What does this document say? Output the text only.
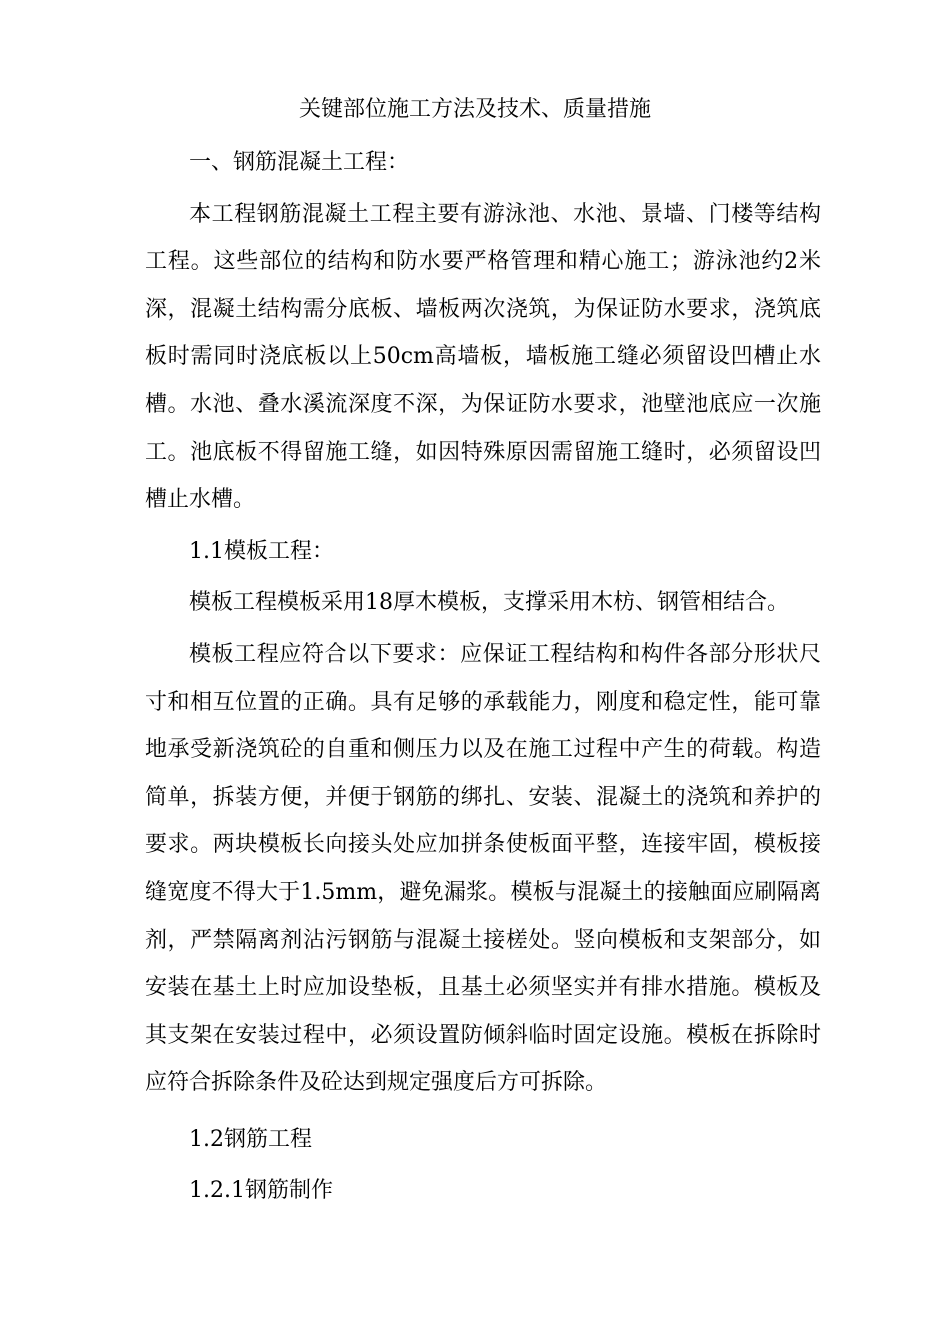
关键部位施工方法及技术、质量措施

一、钢筋混凝土工程：

本工程钢筋混凝土工程主要有游泳池、水池、景墙、门楼等结构工程。这些部位的结构和防水要严格管理和精心施工；游泳池约2米深，混凝土结构需分底板、墙板两次浇筑，为保证防水要求，浇筑底板时需同时浇底板以上50cm高墙板，墙板施工缝必须留设凹槽止水槽。水池、叠水溪流深度不深，为保证防水要求，池壁池底应一次施工。池底板不得留施工缝，如因特殊原因需留施工缝时，必须留设凹槽止水槽。

1.1模板工程：

模板工程模板采用18厚木模板，支撑采用木枋、钢管相结合。

模板工程应符合以下要求：应保证工程结构和构件各部分形状尺寸和相互位置的正确。具有足够的承载能力，刚度和稳定性，能可靠地承受新浇筑砼的自重和侧压力以及在施工过程中产生的荷载。构造简单，拆装方便，并便于钢筋的绑扎、安装、混凝土的浇筑和养护的要求。两块模板长向接头处应加拼条使板面平整，连接牢固，模板接缝宽度不得大于1.5mm，避免漏浆。模板与混凝土的接触面应刷隔离剂，严禁隔离剂沾污钢筋与混凝土接槎处。竖向模板和支架部分，如安装在基土上时应加设垫板，且基土必须坚实并有排水措施。模板及其支架在安装过程中，必须设置防倾斜临时固定设施。模板在拆除时应符合拆除条件及砼达到规定强度后方可拆除。

1.2钢筋工程

1.2.1钢筋制作
